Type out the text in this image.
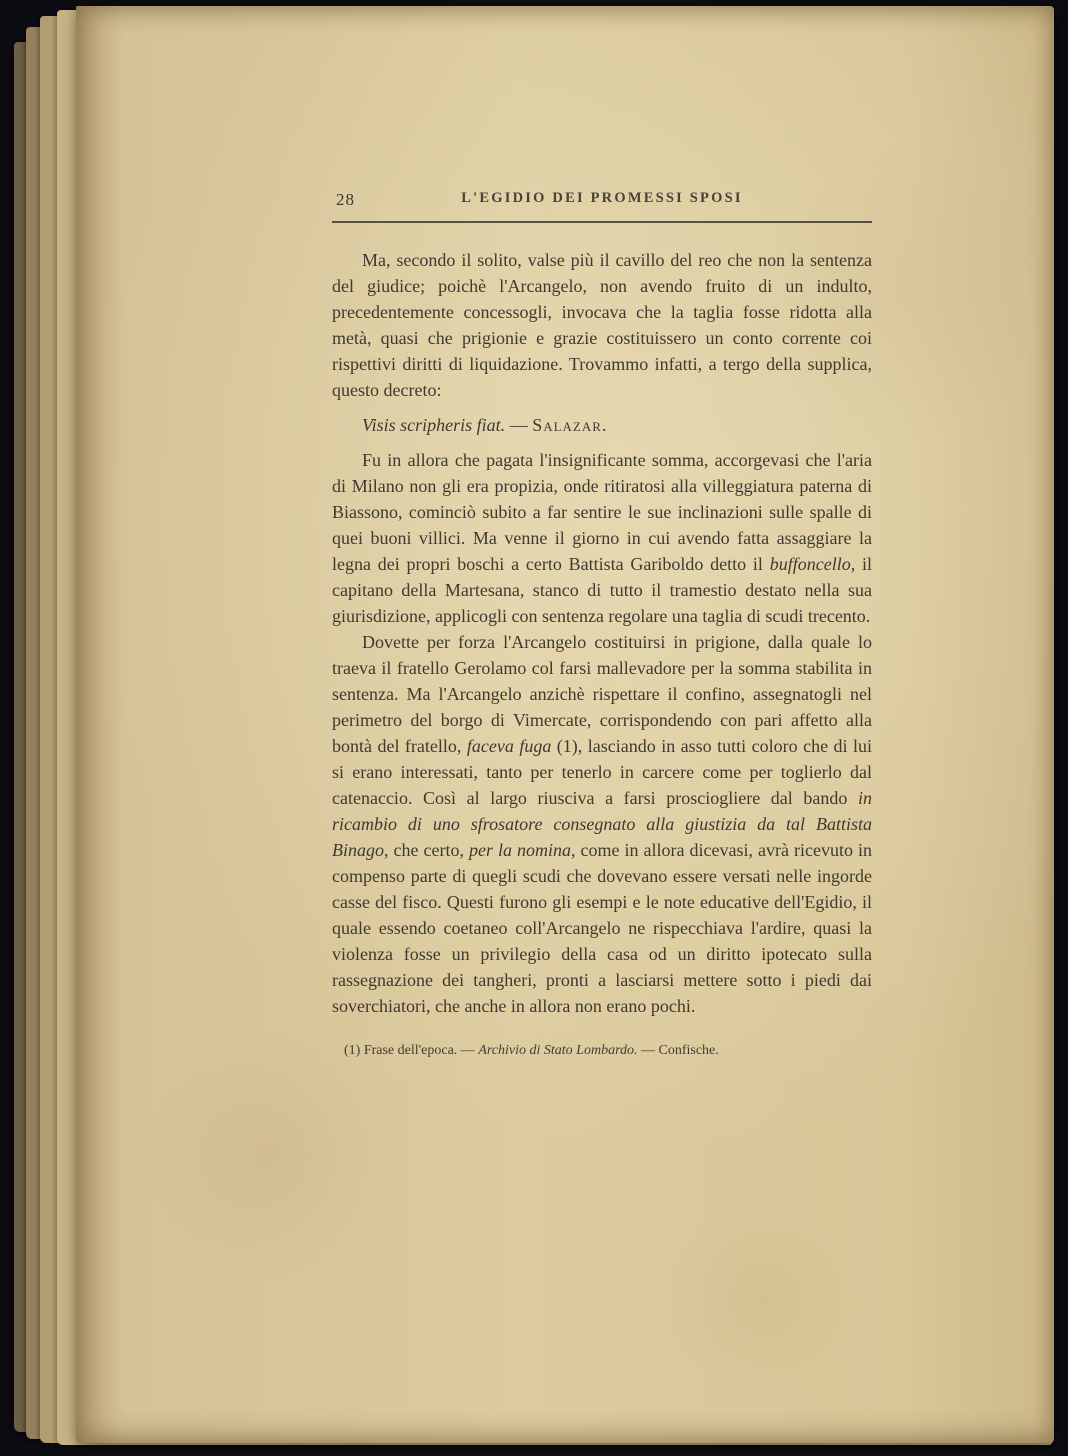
28	L'EGIDIO DEI PROMESSI SPOSI

Ma, secondo il solito, valse più il cavillo del reo che non la sentenza del giudice; poichè l'Arcangelo, non avendo fruito di un indulto, precedentemente concessogli, invocava che la taglia fosse ridotta alla metà, quasi che prigionie e grazie costituissero un conto corrente coi rispettivi diritti di liquidazione. Trovammo infatti, a tergo della supplica, questo decreto:

Visis scripheris fiat. — Salazar.

Fu in allora che pagata l'insignificante somma, accorgevasi che l'aria di Milano non gli era propizia, onde ritiratosi alla villeggiatura paterna di Biassono, cominciò subito a far sentire le sue inclinazioni sulle spalle di quei buoni villici. Ma venne il giorno in cui avendo fatta assaggiare la legna dei propri boschi a certo Battista Gariboldo detto il buffoncello, il capitano della Martesana, stanco di tutto il tramestio destato nella sua giurisdizione, applicogli con sentenza regolare una taglia di scudi trecento.

Dovette per forza l'Arcangelo costituirsi in prigione, dalla quale lo traeva il fratello Gerolamo col farsi mallevadore per la somma stabilita in sentenza. Ma l'Arcangelo anzichè rispettare il confino, assegnatogli nel perimetro del borgo di Vimercate, corrispondendo con pari affetto alla bontà del fratello, faceva fuga (1), lasciando in asso tutti coloro che di lui si erano interessati, tanto per tenerlo in carcere come per toglierlo dal catenaccio. Così al largo riusciva a farsi prosciogliere dal bando in ricambio di uno sfrosatore consegnato alla giustizia da tal Battista Binago, che certo, per la nomina, come in allora dicevasi, avrà ricevuto in compenso parte di quegli scudi che dovevano essere versati nelle ingorde casse del fisco. Questi furono gli esempi e le note educative dell'Egidio, il quale essendo coetaneo coll'Arcangelo ne rispecchiava l'ardire, quasi la violenza fosse un privilegio della casa od un diritto ipotecato sulla rassegnazione dei tangheri, pronti a lasciarsi mettere sotto i piedi dai soverchiatori, che anche in allora non erano pochi.

(1) Frase dell'epoca. — Archivio di Stato Lombardo. — Confische.
